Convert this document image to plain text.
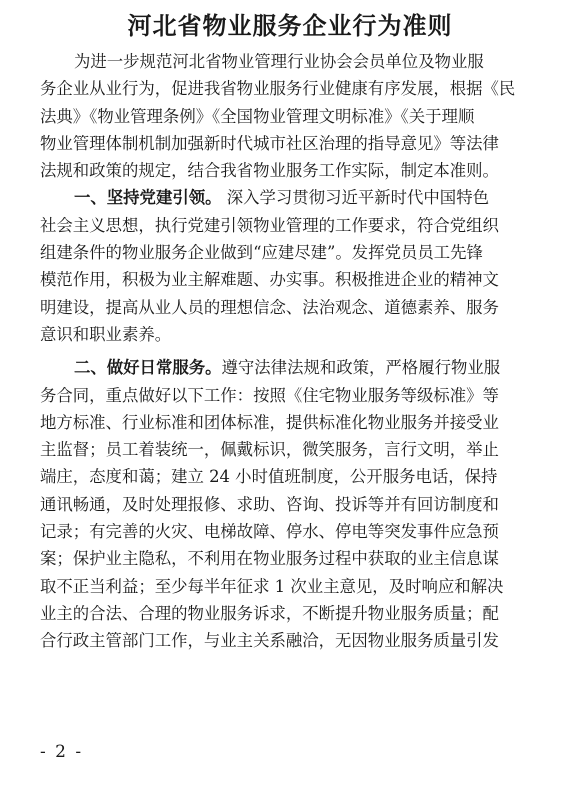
河北省物业服务企业行为准则
为进一步规范河北省物业管理行业协会会员单位及物业服
务企业从业行为，促进我省物业服务行业健康有序发展，根据《民
法典》《物业管理条例》《全国物业管理文明标准》《关于理顺
物业管理体制机制加强新时代城市社区治理的指导意见》等法律
法规和政策的规定，结合我省物业服务工作实际，制定本准则。
一、坚持党建引领。 深入学习贯彻习近平新时代中国特色
社会主义思想，执行党建引领物业管理的工作要求，符合党组织
组建条件的物业服务企业做到“应建尽建”。发挥党员员工先锋
模范作用，积极为业主解难题、办实事。积极推进企业的精神文
明建设，提高从业人员的理想信念、法治观念、道德素养、服务
意识和职业素养。
二、做好日常服务。遵守法律法规和政策，严格履行物业服
务合同，重点做好以下工作：按照《住宅物业服务等级标准》等
地方标准、行业标准和团体标准，提供标准化物业服务并接受业
主监督；员工着装统一，佩戴标识，微笑服务，言行文明，举止
端庄，态度和蔼；建立 24 小时值班制度，公开服务电话，保持
通讯畅通，及时处理报修、求助、咨询、投诉等并有回访制度和
记录；有完善的火灾、电梯故障、停水、停电等突发事件应急预
案；保护业主隐私，不利用在物业服务过程中获取的业主信息谋
取不正当利益；至少每半年征求 1 次业主意见，及时响应和解决
业主的合法、合理的物业服务诉求，不断提升物业服务质量；配
合行政主管部门工作，与业主关系融洽，无因物业服务质量引发
- 2 -
